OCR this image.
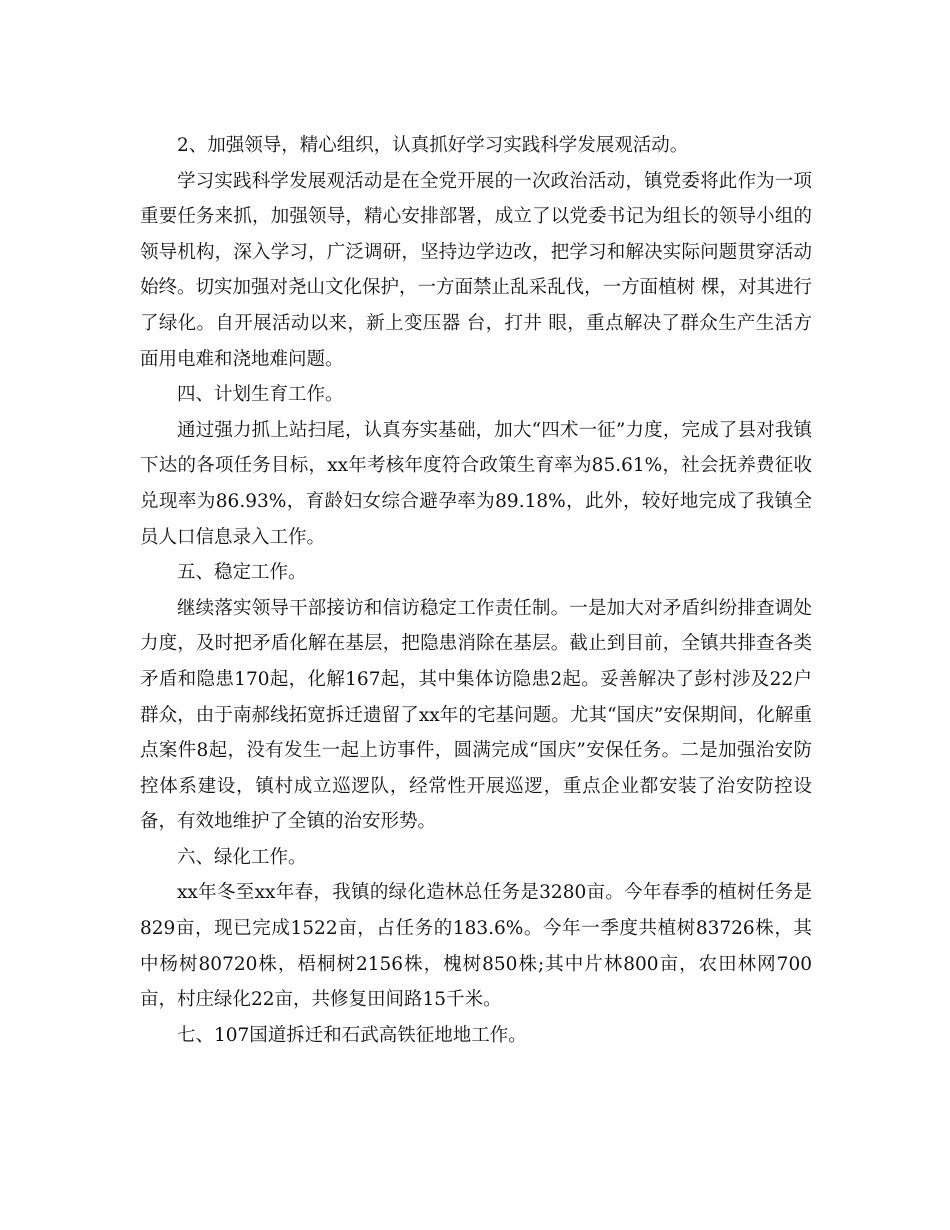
2、加强领导，精心组织，认真抓好学习实践科学发展观活动。

学习实践科学发展观活动是在全党开展的一次政治活动，镇党委将此作为一项重要任务来抓，加强领导，精心安排部署，成立了以党委书记为组长的领导小组的领导机构，深入学习，广泛调研，坚持边学边改，把学习和解决实际问题贯穿活动始终。切实加强对尧山文化保护，一方面禁止乱采乱伐，一方面植树 棵，对其进行了绿化。自开展活动以来，新上变压器 台，打井 眼，重点解决了群众生产生活方面用电难和浇地难问题。

四、计划生育工作。

通过强力抓上站扫尾，认真夯实基础，加大“四术一征”力度，完成了县对我镇下达的各项任务目标，xx年考核年度符合政策生育率为85.61%，社会抚养费征收兑现率为86.93%，育龄妇女综合避孕率为89.18%，此外，较好地完成了我镇全员人口信息录入工作。

五、稳定工作。

继续落实领导干部接访和信访稳定工作责任制。一是加大对矛盾纠纷排查调处力度，及时把矛盾化解在基层，把隐患消除在基层。截止到目前，全镇共排查各类矛盾和隐患170起，化解167起，其中集体访隐患2起。妥善解决了彭村涉及22户群众，由于南郝线拓宽拆迁遗留了xx年的宅基问题。尤其“国庆”安保期间，化解重点案件8起，没有发生一起上访事件，圆满完成“国庆”安保任务。二是加强治安防控体系建设，镇村成立巡逻队，经常性开展巡逻，重点企业都安装了治安防控设备，有效地维护了全镇的治安形势。

六、绿化工作。

xx年冬至xx年春，我镇的绿化造林总任务是3280亩。今年春季的植树任务是829亩，现已完成1522亩，占任务的183.6%。今年一季度共植树83726株，其中杨树80720株，梧桐树2156株，槐树850株;其中片林800亩，农田林网700亩，村庄绿化22亩，共修复田间路15千米。

七、107国道拆迁和石武高铁征地地工作。
